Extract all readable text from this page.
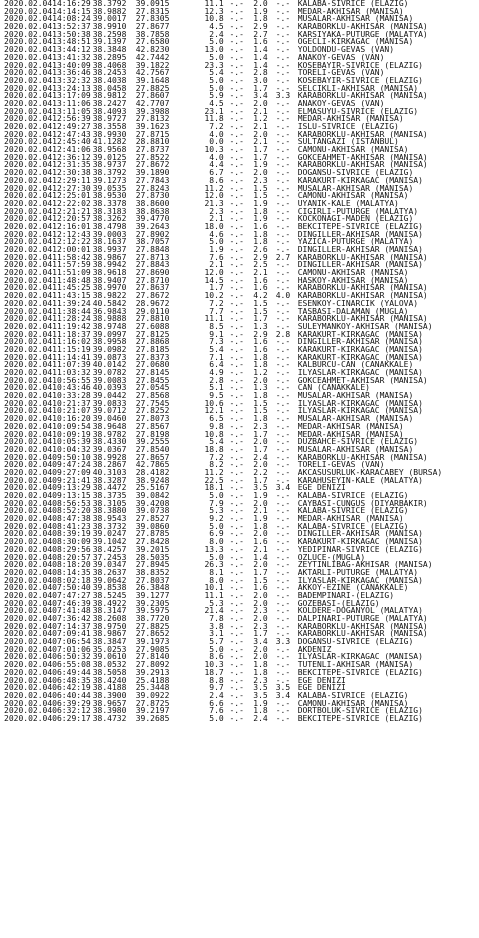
2020.02.04	14:16:29	38.3792	39.0915	11.1	-.-	2.0	-.-	KALABA-SIVRICE (ELAZIG)
2020.02.04	14:14:15	38.9882	27.8315	12.3	-.-	1.9	-.-	MEDAR-AKHISAR (MANISA)
2020.02.04	14:08:24	39.0017	27.8305	10.8	-.-	1.8	-.-	MUSALAR-AKHISAR (MANISA)
2020.02.04	13:52:37	38.9910	27.8677	4.5	-.-	2.9	-.-	KARABORKLU-AKHISAR (MANISA)
2020.02.04	13:50:38	38.2598	38.7858	2.4	-.-	2.7	-.-	KARSIYAKA-PUTURGE (MALATYA)
2020.02.04	13:48:51	39.1397	27.6580	5.0	-.-	1.6	-.-	OGECLI-KIRKAGAC (MANISA)
2020.02.04	13:44:12	38.3848	42.8230	13.0	-.-	1.4	-.-	YOLDONDU-GEVAS (VAN)
2020.02.04	13:41:32	38.2895	42.7442	5.0	-.-	1.4	-.-	ANAKOY-GEVAS (VAN)
2020.02.04	13:40:09	38.4068	39.1822	23.3	-.-	1.4	-.-	KOSEBAYIR-SIVRICE (ELAZIG)
2020.02.04	13:36:46	38.2453	42.7567	5.4	-.-	2.8	-.-	TORELI-GEVAS (VAN)
2020.02.04	13:32:32	38.4038	39.1648	5.0	-.-	3.0	-.-	KOSEBAYIR-SIVRICE (ELAZIG)
2020.02.04	13:24:13	38.0458	27.8825	5.0	-.-	1.7	-.-	SELCIKLI-AKHISAR (MANISA)
2020.02.04	13:17:09	38.9812	27.8607	5.9	-.-	3.4	3.3	KARABORKLU-AKHISAR (MANISA)
2020.02.04	13:11:06	38.2427	42.7707	4.5	-.-	2.0	-.-	ANAKOY-GEVAS (VAN)
2020.02.04	13:11:05	38.4093	39.3988	23.1	-.-	2.1	-.-	ELMASUYU-SIVRICE (ELAZIG)
2020.02.04	12:56:39	38.9727	27.8132	11.8	-.-	1.2	-.-	MEDAR-AKHISAR (MANISA)
2020.02.04	12:49:27	38.3558	39.1623	7.2	-.-	2.1	-.-	ISLU-SIVRICE (ELAZIG)
2020.02.04	12:47:43	38.9930	27.8715	4.0	-.-	2.0	-.-	KARABORKLU-AKHISAR (MANISA)
2020.02.04	12:45:40	41.1282	28.8810	0.0	-.-	2.1	-.-	SULTANGAZI (ISTANBUL)
2020.02.04	12:41:06	38.9568	27.8737	10.3	-.-	1.7	-.-	CAMONU-AKHISAR (MANISA)
2020.02.04	12:36:12	39.0125	27.8522	4.0	-.-	1.7	-.-	GOKCEAHMET-AKHISAR (MANISA)
2020.02.04	12:31:35	38.9737	27.8672	4.4	-.-	1.9	-.-	KARABORKLU-AKHISAR (MANISA)
2020.02.04	12:30:38	38.3792	39.1890	6.7	-.-	2.0	-.-	DOGANSU-SIVRICE (ELAZIG)
2020.02.04	12:29:11	39.1273	27.7843	8.6	-.-	2.3	-.-	KARAKURT-KIRKAGAC (MANISA)
2020.02.04	12:27:30	39.0535	27.8243	11.2	-.-	1.5	-.-	MUSALAR-AKHISAR (MANISA)
2020.02.04	12:25:01	38.9530	27.8730	12.0	-.-	1.5	-.-	CAMONU-AKHISAR (MANISA)
2020.02.04	12:22:02	38.3378	38.8600	21.3	-.-	1.9	-.-	UYANIK-KALE (MALATYA)
2020.02.04	12:21:21	38.3183	38.8638	2.3	-.-	1.8	-.-	CIGIRLI-PUTURGE (MALATYA)
2020.02.04	12:20:57	38.3262	39.4770	2.1	-.-	1.9	-.-	KOCKONAGI-MADEN (ELAZIG)
2020.02.04	12:16:01	38.4798	39.2643	18.0	-.-	1.6	-.-	BEKCITEPE-SIVRICE (ELAZIG)
2020.02.04	12:12:43	39.0003	27.8902	4.6	-.-	1.8	-.-	DINGILLER-AKHISAR (MANISA)
2020.02.04	12:12:22	38.1637	38.7057	5.0	-.-	1.8	-.-	YAZICA-PUTURGE (MALATYA)
2020.02.04	12:00:01	38.9937	27.8848	1.9	-.-	2.6	-.-	DINGILLER-AKHISAR (MANISA)
2020.02.04	11:58:42	38.9867	27.8713	7.6	-.-	2.9	2.7	KARABORKLU-AKHISAR (MANISA)
2020.02.04	11:57:59	38.9942	27.8843	2.1	-.-	2.5	-.-	DINGILLER-AKHISAR (MANISA)
2020.02.04	11:51:09	38.9618	27.8690	12.0	-.-	2.1	-.-	CAMONU-AKHISAR (MANISA)
2020.02.04	11:48:48	38.9407	27.8710	14.5	-.-	1.6	-.-	HASKOY-AKHISAR (MANISA)
2020.02.04	11:45:25	38.9970	27.8637	1.7	-.-	1.6	-.-	KARABORKLU-AKHISAR (MANISA)
2020.02.04	11:43:15	38.9822	27.8672	10.2	-.-	4.2	4.0	KARABORKLU-AKHISAR (MANISA)
2020.02.04	11:39:24	40.5842	28.9672	7.2	-.-	1.5	-.-	ESENKOY-CINARCIK (YALOVA)
2020.02.04	11:38:44	36.9843	29.0110	7.7	-.-	1.5	-.-	TASBASI-DALAMAN (MUGLA)
2020.02.04	11:28:24	38.9888	27.8810	11.1	-.-	1.7	-.-	KARABORKLU-AKHISAR (MANISA)
2020.02.04	11:19:42	38.9748	27.6088	8.5	-.-	1.3	-.-	SULEYMANKOY-AKHISAR (MANISA)
2020.02.04	11:18:37	39.0997	27.8125	9.1	-.-	2.9	2.8	KARAKURT-KIRKAGAC (MANISA)
2020.02.04	11:16:02	38.9958	27.8868	7.3	-.-	1.6	-.-	DINGILLER-AKHISAR (MANISA)
2020.02.04	11:15:19	39.0982	27.8185	5.4	-.-	1.6	-.-	KARAKURT-KIRKAGAC (MANISA)
2020.02.04	11:14:41	39.0873	27.8373	7.1	-.-	1.8	-.-	KARAKURT-KIRKAGAC (MANISA)
2020.02.04	11:07:39	40.0142	27.0680	6.4	-.-	1.8	-.-	KALBURCU-CAN (CANAKKALE)
2020.02.04	11:03:32	39.0782	27.8145	4.9	-.-	1.2	-.-	ILYASLAR-KIRKAGAC (MANISA)
2020.02.04	10:56:55	39.0083	27.8455	2.8	-.-	2.0	-.-	GOKCEAHMET-AKHISAR (MANISA)
2020.02.04	10:43:46	40.0393	27.0545	5.1	-.-	1.3	-.-	CAN (CANAKKALE)
2020.02.04	10:33:28	39.0442	27.8568	9.5	-.-	1.8	-.-	MUSALAR-AKHISAR (MANISA)
2020.02.04	10:21:37	39.0833	27.7545	10.6	-.-	1.5	-.-	ILYASLAR-KIRKAGAC (MANISA)
2020.02.04	10:21:07	39.0712	27.8252	12.1	-.-	1.5	-.-	ILYASLAR-KIRKAGAC (MANISA)
2020.02.04	10:16:20	39.0460	27.8073	6.5	-.-	1.8	-.-	MUSALAR-AKHISAR (MANISA)
2020.02.04	10:09:54	38.9648	27.8567	9.8	-.-	2.3	-.-	MEDAR-AKHISAR (MANISA)
2020.02.04	10:09:19	38.9782	27.8198	10.8	-.-	1.7	-.-	MEDAR-AKHISAR (MANISA)
2020.02.04	10:05:39	38.4330	39.2555	5.4	-.-	2.0	-.-	DUZBAHCE-SIVRICE (ELAZIG)
2020.02.04	10:04:32	39.0367	27.8540	18.8	-.-	1.7	-.-	MUSALAR-AKHISAR (MANISA)
2020.02.04	09:50:10	38.9928	27.8657	7.2	-.-	2.4	-.-	KARABORKLU-AKHISAR (MANISA)
2020.02.04	09:47:24	38.2867	42.7865	8.2	-.-	2.0	-.-	TORELI-GEVAS (VAN)
2020.02.04	09:27:09	40.3103	28.4182	11.2	-.-	2.2	-.-	AKCASUSURLUK-KARACABEY (BURSA)
2020.02.04	09:21:41	38.3287	38.9248	22.5	-.-	1.7	-.-	KARAHUSEYIN-KALE (MALATYA)
2020.02.04	09:13:29	38.4472	25.5167	18.1	-.-	3.5	3.4	EGE DENIZI
2020.02.04	09:13:15	38.3735	39.0842	5.0	-.-	1.9	-.-	KALABA-SIVRICE (ELAZIG)
2020.02.04	08:56:53	38.3105	39.4208	7.9	-.-	2.0	-.-	CAYBASI-CUNGUS (DIYARBAKIR)
2020.02.04	08:52:20	38.3880	39.0738	5.3	-.-	2.1	-.-	KALABA-SIVRICE (ELAZIG)
2020.02.04	08:47:38	38.9543	27.8527	9.2	-.-	1.9	-.-	MEDAR-AKHISAR (MANISA)
2020.02.04	08:41:23	38.3732	39.0860	5.0	-.-	1.8	-.-	KALABA-SIVRICE (ELAZIG)
2020.02.04	08:39:19	39.0247	27.8785	6.9	-.-	2.0	-.-	DINGILLER-AKHISAR (MANISA)
2020.02.04	08:30:09	39.1042	27.8428	8.0	-.-	1.6	-.-	KARAKURT-KIRKAGAC (MANISA)
2020.02.04	08:29:56	38.4257	39.2015	13.3	-.-	2.1	-.-	YEDIPINAR-SIVRICE (ELAZIG)
2020.02.04	08:20:57	37.2453	28.5035	5.0	-.-	1.4	-.-	OZLUCE-(MUGLA)
2020.02.04	08:18:20	39.0347	27.8945	26.3	-.-	2.0	-.-	ZEYTINLIBAG-AKHISAR (MANISA)
2020.02.04	08:14:35	38.2637	38.8352	8.1	-.-	1.7	-.-	AKTARLI-PUTURGE (MALATYA)
2020.02.04	08:02:18	39.0642	27.8037	8.0	-.-	1.5	-.-	ILYASLAR-KIRKAGAC (MANISA)
2020.02.04	07:50:40	39.8538	26.3848	10.1	-.-	1.6	-.-	AKKOY-EZINE (CANAKKALE)
2020.02.04	07:47:27	38.5245	39.1277	11.1	-.-	2.0	-.-	BADEMPINARI-(ELAZIG)
2020.02.04	07:46:39	38.4922	39.2305	5.3	-.-	2.0	-.-	GOZEBASI-(ELAZIG)
2020.02.04	07:41:48	38.3147	39.5975	21.4	-.-	2.3	-.-	KOLDERE-DOGANYOL (MALATYA)
2020.02.04	07:36:42	38.2608	38.7720	7.8	-.-	2.0	-.-	DALPINARI-PUTURGE (MALATYA)
2020.02.04	07:14:37	38.9750	27.8825	3.8	-.-	2.3	-.-	KARABORKLU-AKHISAR (MANISA)
2020.02.04	07:09:41	38.9867	27.8652	3.1	-.-	1.7	-.-	KARABORKLU-AKHISAR (MANISA)
2020.02.04	07:06:54	38.3847	39.1973	5.7	-.-	3.4	3.3	DOGANSU-SIVRICE (ELAZIG)
2020.02.04	07:01:06	35.0253	27.9085	5.0	-.-	2.0	-.-	AKDENIZ
2020.02.04	06:50:32	39.0610	27.8140	8.6	-.-	2.0	-.-	ILYASLAR-KIRKAGAC (MANISA)
2020.02.04	06:55:08	38.0532	27.8092	10.3	-.-	1.8	-.-	TUTENLI-AKHISAR (MANISA)
2020.02.04	06:49:44	38.5058	39.2913	18.7	-.-	1.8	-.-	BEKCITEPE-SIVRICE (ELAZIG)
2020.02.04	06:48:35	38.4240	25.4188	8.8	-.-	2.3	-.-	EGE DENIZI
2020.02.04	06:42:19	38.4188	25.3448	9.7	-.-	3.5	3.5	EGE DENIZI
2020.02.04	06:40:44	38.3900	39.0922	2.4	-.-	3.5	3.4	KALABA-SIVRICE (ELAZIG)
2020.02.04	06:39:29	38.9657	27.8725	6.6	-.-	1.9	-.-	CAMONU-AKHISAR (MANISA)
2020.02.04	06:32:12	38.3980	39.2197	7.6	-.-	1.8	-.-	DORTBOLUK-SIVRICE (ELAZIG)
2020.02.04	06:29:17	38.4732	39.2685	5.0	-.-	2.4	-.-	BEKCITEPE-SIVRICE (ELAZIG)
